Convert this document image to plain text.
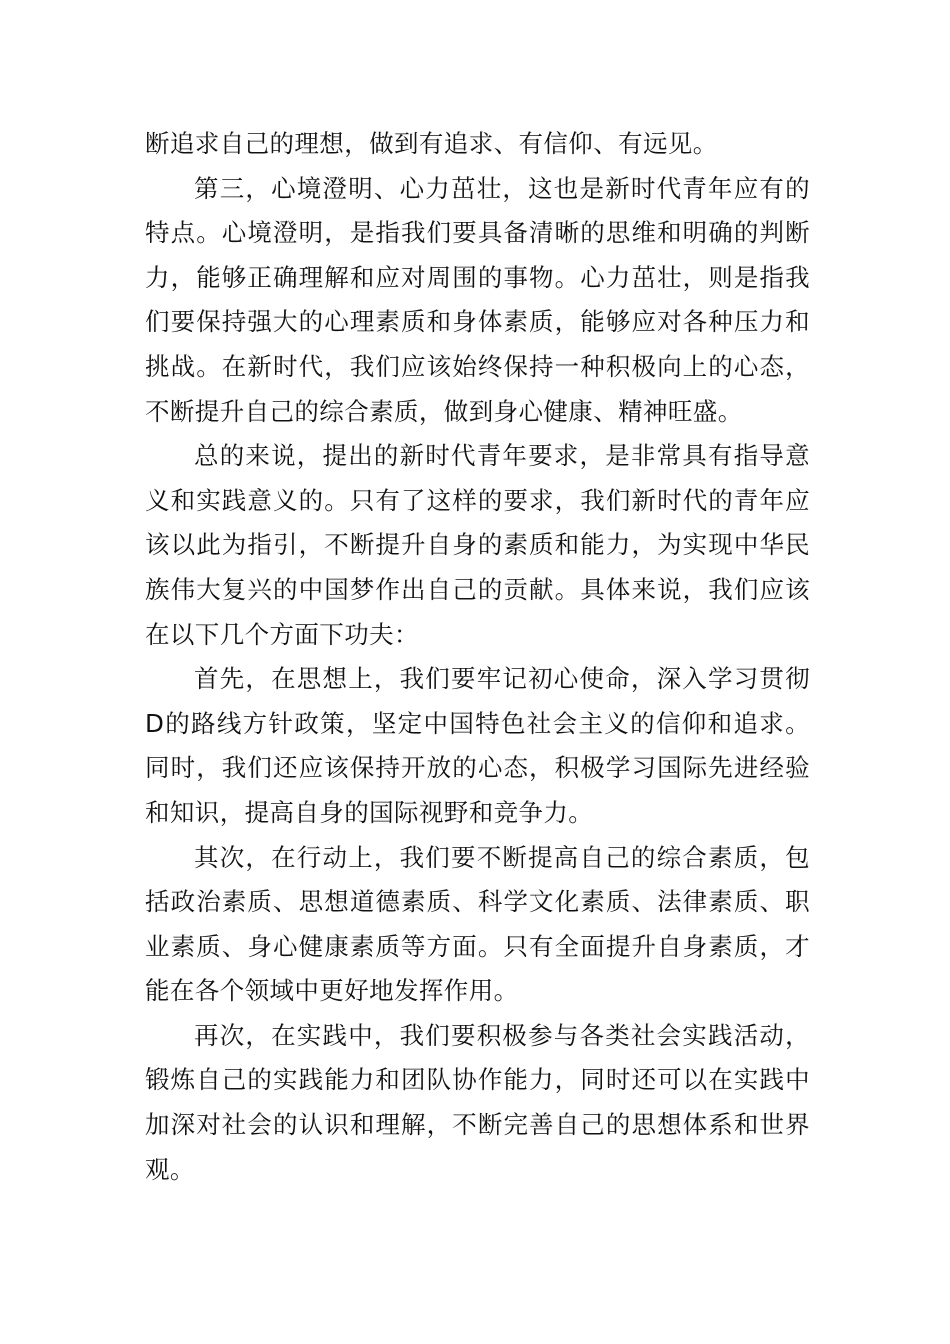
断追求自己的理想，做到有追求、有信仰、有远见。

第三，心境澄明、心力茁壮，这也是新时代青年应有的特点。心境澄明，是指我们要具备清晰的思维和明确的判断力，能够正确理解和应对周围的事物。心力茁壮，则是指我们要保持强大的心理素质和身体素质，能够应对各种压力和挑战。在新时代，我们应该始终保持一种积极向上的心态，不断提升自己的综合素质，做到身心健康、精神旺盛。

总的来说，提出的新时代青年要求，是非常具有指导意义和实践意义的。只有了这样的要求，我们新时代的青年应该以此为指引，不断提升自身的素质和能力，为实现中华民族伟大复兴的中国梦作出自己的贡献。具体来说，我们应该在以下几个方面下功夫：

首先，在思想上，我们要牢记初心使命，深入学习贯彻D的路线方针政策，坚定中国特色社会主义的信仰和追求。同时，我们还应该保持开放的心态，积极学习国际先进经验和知识，提高自身的国际视野和竞争力。

其次，在行动上，我们要不断提高自己的综合素质，包括政治素质、思想道德素质、科学文化素质、法律素质、职业素质、身心健康素质等方面。只有全面提升自身素质，才能在各个领域中更好地发挥作用。

再次，在实践中，我们要积极参与各类社会实践活动，锻炼自己的实践能力和团队协作能力，同时还可以在实践中加深对社会的认识和理解，不断完善自己的思想体系和世界观。
